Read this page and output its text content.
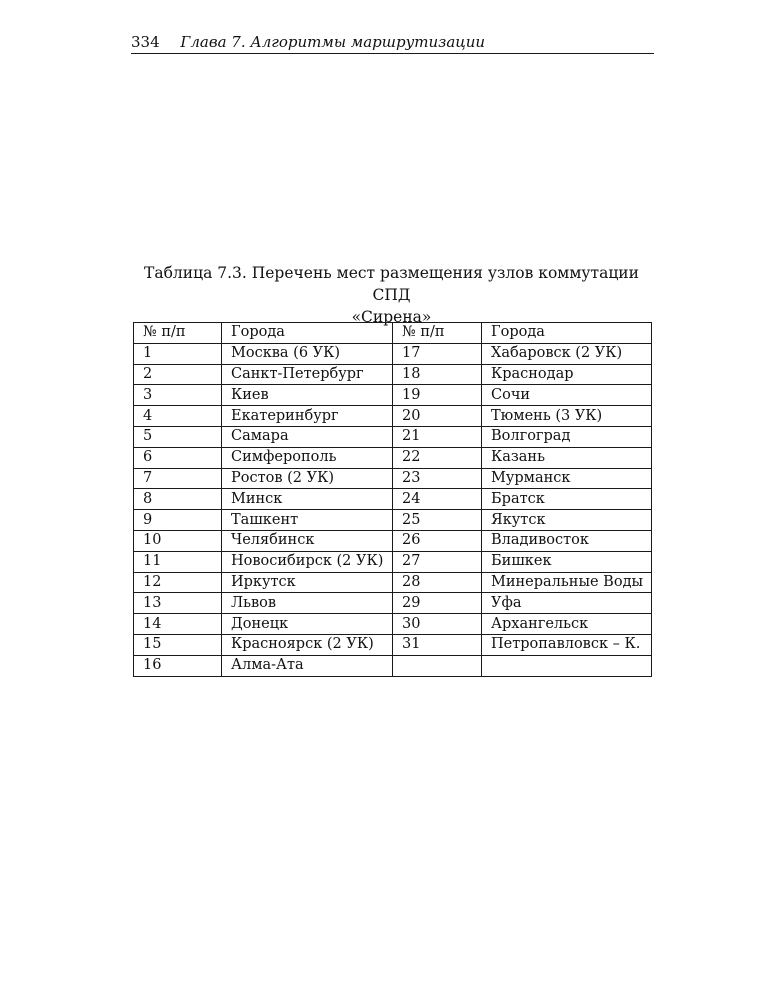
334 Глава 7. Алгоритмы маршрутизации
Таблица 7.3. Перечень мест размещения узлов коммутации СПД
«Сирена»
№ п/п	Города	№ п/п	Города
1	Москва (6 УК)	17	Хабаровск (2 УК)
2	Санкт-Петербург	18	Краснодар
3	Киев	19	Сочи
4	Екатеринбург	20	Тюмень (3 УК)
5	Самара	21	Волгоград
6	Симферополь	22	Казань
7	Ростов (2 УК)	23	Мурманск
8	Минск	24	Братск
9	Ташкент	25	Якутск
10	Челябинск	26	Владивосток
11	Новосибирск (2 УК)	27	Бишкек
12	Иркутск	28	Минеральные Воды
13	Львов	29	Уфа
14	Донецк	30	Архангельск
15	Красноярск (2 УК)	31	Петропавловск – К.
16	Алма-Ата		
